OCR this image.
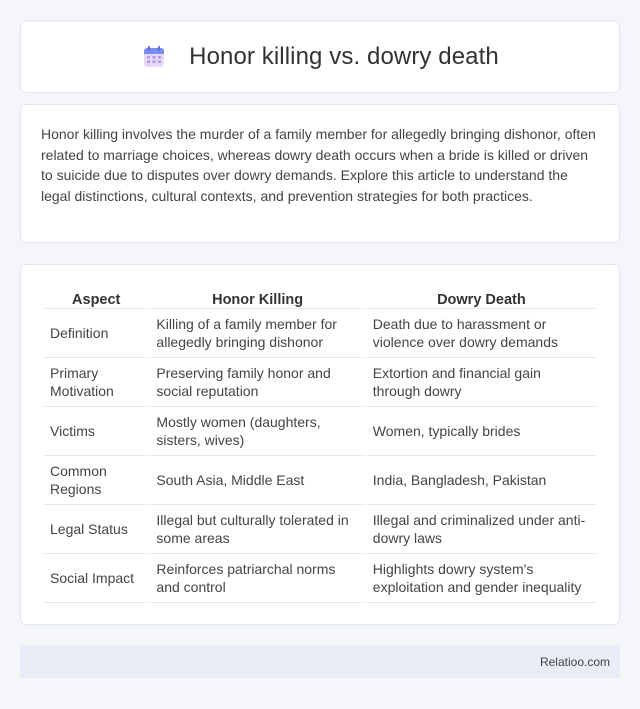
Honor killing vs. dowry death

Honor killing involves the murder of a family member for allegedly bringing dishonor, often related to marriage choices, whereas dowry death occurs when a bride is killed or driven to suicide due to disputes over dowry demands. Explore this article to understand the legal distinctions, cultural contexts, and prevention strategies for both practices.

Aspect	Honor Killing	Dowry Death
Definition	Killing of a family member for allegedly bringing dishonor	Death due to harassment or violence over dowry demands
Primary Motivation	Preserving family honor and social reputation	Extortion and financial gain through dowry
Victims	Mostly women (daughters, sisters, wives)	Women, typically brides
Common Regions	South Asia, Middle East	India, Bangladesh, Pakistan
Legal Status	Illegal but culturally tolerated in some areas	Illegal and criminalized under anti-dowry laws
Social Impact	Reinforces patriarchal norms and control	Highlights dowry system's exploitation and gender inequality
Relatioo.com
